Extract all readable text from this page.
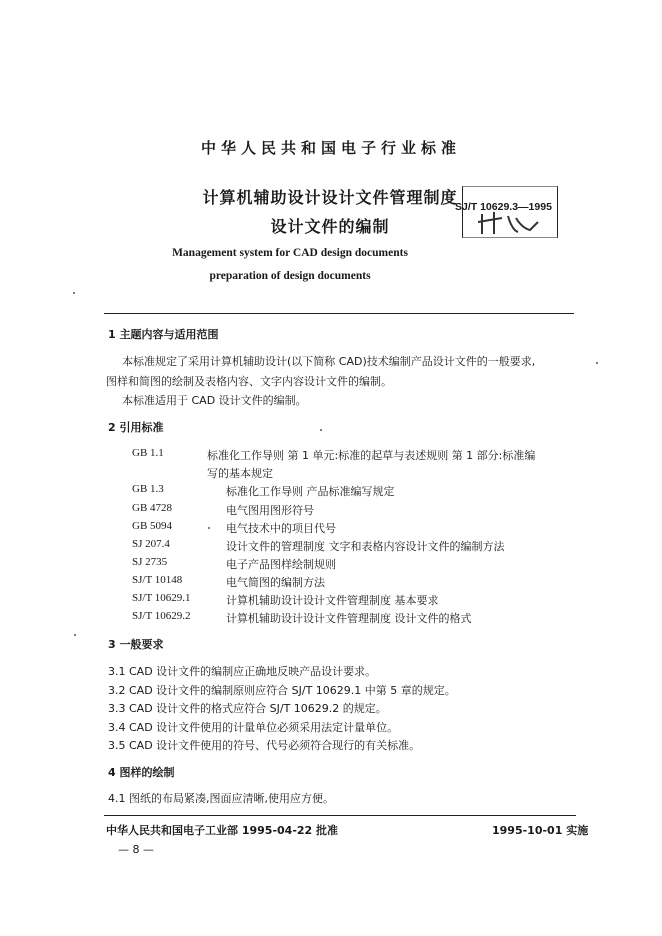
中华人民共和国电子行业标准
计算机辅助设计设计文件管理制度
设计文件的编制
SJ/T 10629.3—1995
Management system for CAD design documents
preparation of design documents
1 主题内容与适用范围
本标准规定了采用计算机辅助设计(以下简称 CAD)技术编制产品设计文件的一般要求,
图样和简图的绘制及表格内容、文字内容设计文件的编制。
本标准适用于 CAD 设计文件的编制。
2 引用标准
GB 1.1	标准化工作导则 第 1 单元:标准的起草与表述规则 第 1 部分:标准编
写的基本规定
GB 1.3	标准化工作导则 产品标准编写规定
GB 4728	电气图用图形符号
GB 5094	电气技术中的项目代号
SJ 207.4	设计文件的管理制度 文字和表格内容设计文件的编制方法
SJ 2735	电子产品图样绘制规则
SJ/T 10148	电气简图的编制方法
SJ/T 10629.1	计算机辅助设计设计文件管理制度 基本要求
SJ/T 10629.2	计算机辅助设计设计文件管理制度 设计文件的格式
3 一般要求
3.1 CAD 设计文件的编制应正确地反映产品设计要求。
3.2 CAD 设计文件的编制原则应符合 SJ/T 10629.1 中第 5 章的规定。
3.3 CAD 设计文件的格式应符合 SJ/T 10629.2 的规定。
3.4 CAD 设计文件使用的计量单位必须采用法定计量单位。
3.5 CAD 设计文件使用的符号、代号必须符合现行的有关标准。
4 图样的绘制
4.1 图纸的布局紧凑,图面应清晰,使用应方便。
中华人民共和国电子工业部 1995-04-22 批准	1995-10-01 实施
— 8 —
